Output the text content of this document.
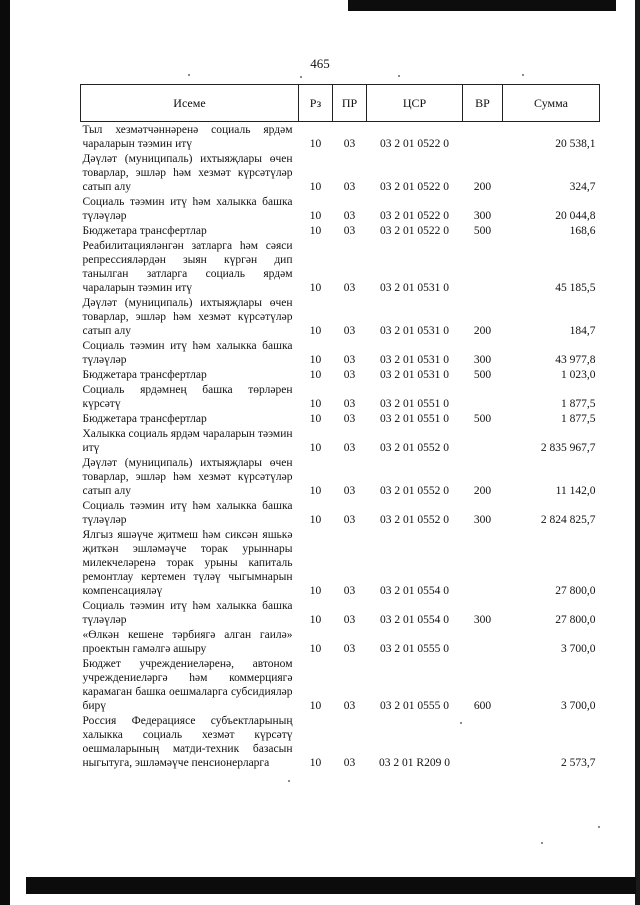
465
Исеме	Рз	ПР	ЦСР	ВР	Сумма
Тыл хезмәтчәннәренә социаль ярдәм чараларын тәэмин итү	10	03	03 2 01 0522 0		20 538,1
Дәүләт (муниципаль) ихтыяҗлары өчен товарлар, эшләр һәм хезмәт күрсәтүләр сатып алу	10	03	03 2 01 0522 0	200	324,7
Социаль тәэмин итү һәм халыкка башка түләүләр	10	03	03 2 01 0522 0	300	20 044,8
Бюджетара трансфертлар	10	03	03 2 01 0522 0	500	168,6
Реабилитацияләнгән затларга һәм сәяси репрессияләрдән зыян күргән дип танылган затларга социаль ярдәм чараларын тәэмин итү	10	03	03 2 01 0531 0		45 185,5
Дәүләт (муниципаль) ихтыяҗлары өчен товарлар, эшләр һәм хезмәт күрсәтүләр сатып алу	10	03	03 2 01 0531 0	200	184,7
Социаль тәэмин итү һәм халыкка башка түләүләр	10	03	03 2 01 0531 0	300	43 977,8
Бюджетара трансфертлар	10	03	03 2 01 0531 0	500	1 023,0
Социаль ярдәмнең башка төрләрен күрсәтү	10	03	03 2 01 0551 0		1 877,5
Бюджетара трансфертлар	10	03	03 2 01 0551 0	500	1 877,5
Халыкка социаль ярдәм чараларын тәэмин итү	10	03	03 2 01 0552 0		2 835 967,7
Дәүләт (муниципаль) ихтыяҗлары өчен товарлар, эшләр һәм хезмәт күрсәтүләр сатып алу	10	03	03 2 01 0552 0	200	11 142,0
Социаль тәэмин итү һәм халыкка башка түләүләр	10	03	03 2 01 0552 0	300	2 824 825,7
Ялгыз яшәүче җитмеш һәм сиксән яшькә җиткән эшләмәүче торак урыннары милекчеләренә торак урыны капиталь ремонтлау кертемен түләү чыгымнарын компенсацияләү	10	03	03 2 01 0554 0		27 800,0
Социаль тәэмин итү һәм халыкка башка түләүләр	10	03	03 2 01 0554 0	300	27 800,0
«Өлкән кешене тәрбиягә алган гаилә» проектын гамәлгә ашыру	10	03	03 2 01 0555 0		3 700,0
Бюджет учреждениеләренә, автоном учреждениеләргә һәм коммерциягә карамаган башка оешмаларга субсидияләр бирү	10	03	03 2 01 0555 0	600	3 700,0
Россия Федерациясе субъектларының халыкка социаль хезмәт күрсәтү оешмаларының матди-техник базасын ныгытуга, эшләмәүче пенсионерларга	10	03	03 2 01 R209 0		2 573,7
